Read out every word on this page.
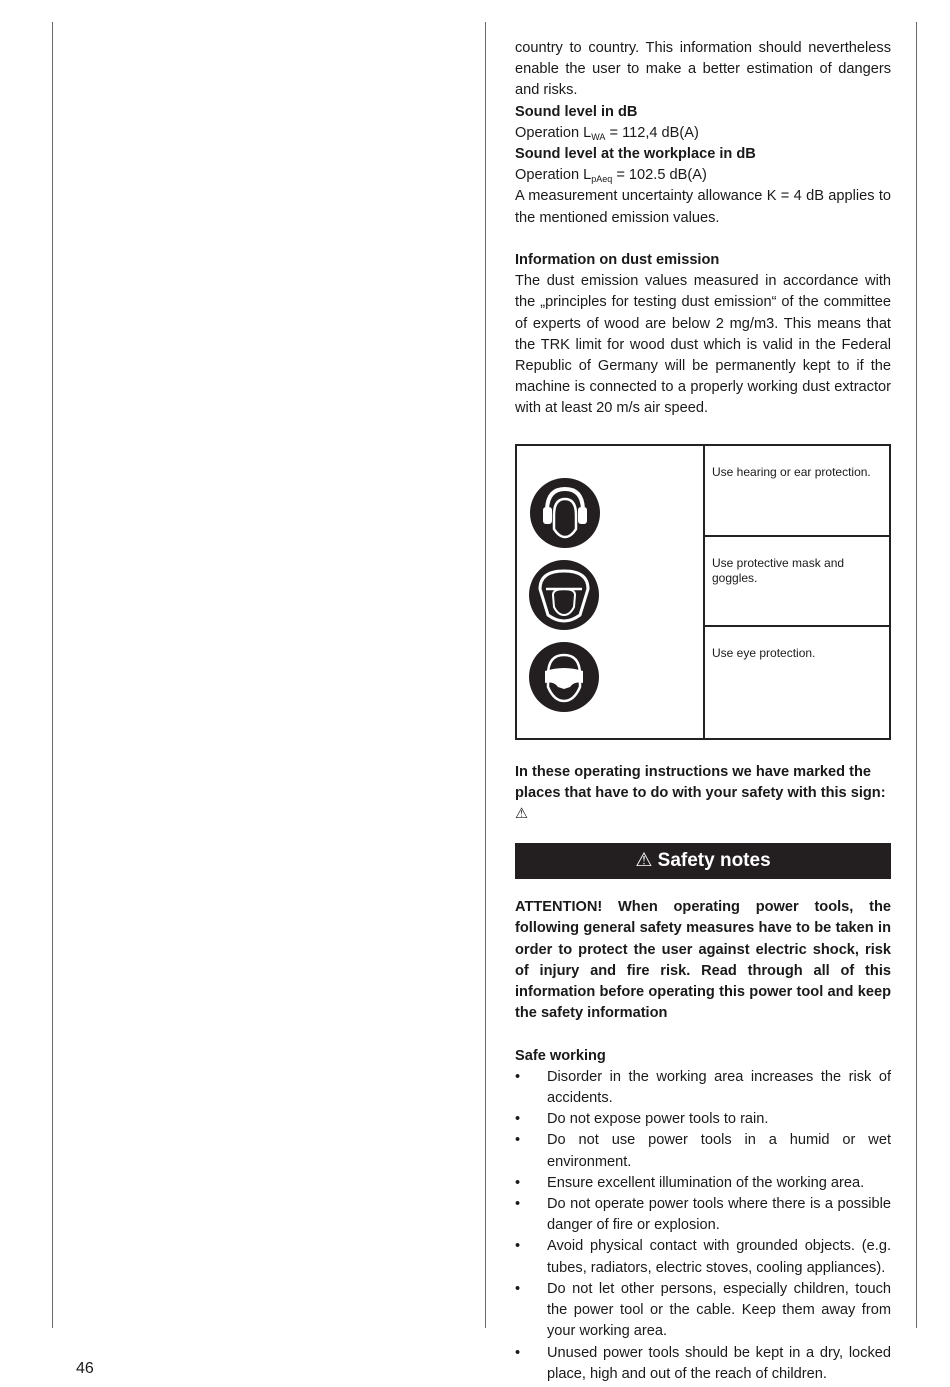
country to country. This information should nevertheless enable the user to make a better estimation of dangers and risks.

Sound level in dB

Operation $L_{WA} = 112,4$ dB(A)

Sound level at the workplace in dB

Operation $L_{pAeq} = 102.5$ dB(A)

A measurement uncertainty allowance K = 4 dB applies to the mentioned emission values.

Information on dust emission

The dust emission values measured in accordance with the „principles for testing dust emission“ of the committee of experts of wood are below 2 mg/m3. This means that the TRK limit for wood dust which is valid in the Federal Republic of Germany will be permanently kept to if the machine is connected to a properly working dust extractor with at least 20 m/s air speed.

Use hearing or ear protection.
Use protective mask and goggles.
Use eye protection.

In these operating instructions we have marked the places that have to do with your safety with this sign: ⚠

⚠ Safety notes

ATTENTION! When operating power tools, the following general safety measures have to be taken in order to protect the user against electric shock, risk of injury and fire risk. Read through all of this information before operating this power tool and keep the safety information

Safe working

• Disorder in the working area increases the risk of accidents.
• Do not expose power tools to rain.
• Do not use power tools in a humid or wet environment.
• Ensure excellent illumination of the working area.
• Do not operate power tools where there is a possible danger of fire or explosion.
• Avoid physical contact with grounded objects. (e.g. tubes, radiators, electric stoves, cooling appliances).
• Do not let other persons, especially children, touch the power tool or the cable. Keep them away from your working area.
• Unused power tools should be kept in a dry, locked place, high and out of the reach of children.
46
